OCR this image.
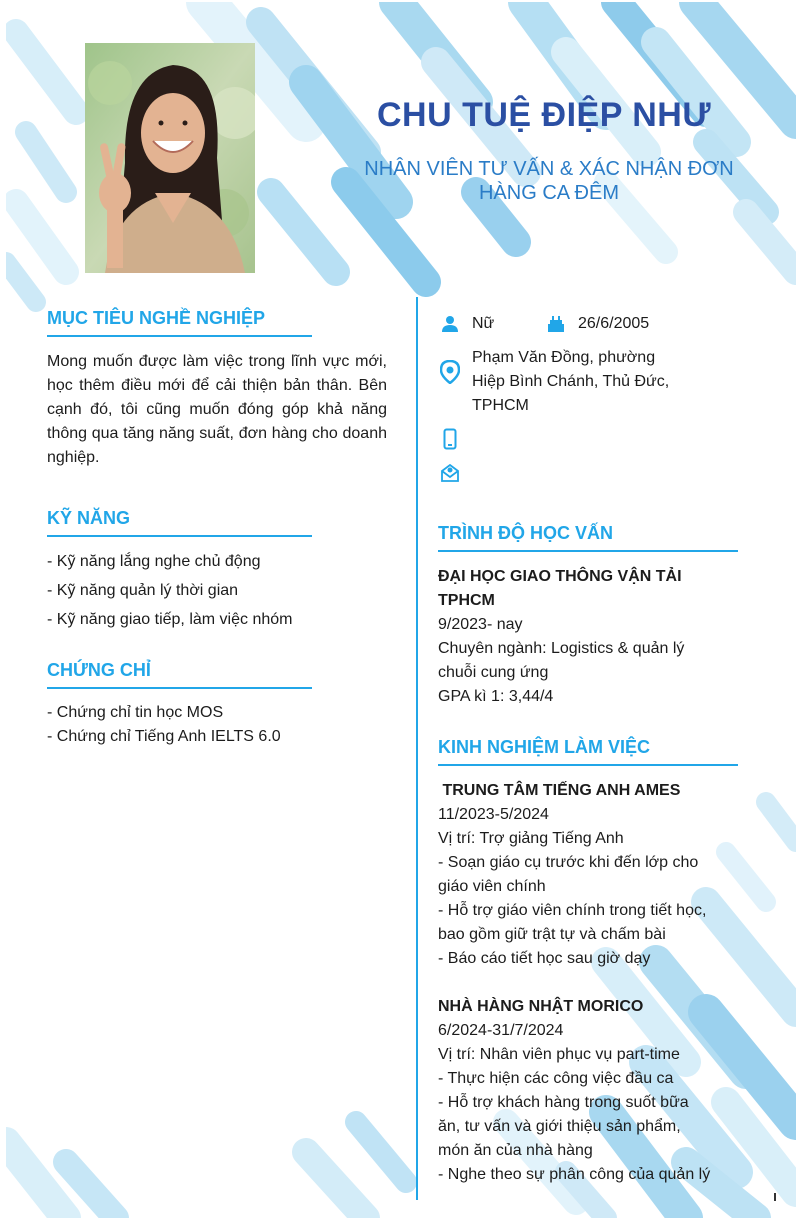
CHU TUỆ ĐIỆP NHƯ
NHÂN VIÊN TƯ VẤN & XÁC NHẬN ĐƠN HÀNG CA ĐÊM
MỤC TIÊU NGHỀ NGHIỆP
Mong muốn được làm việc trong lĩnh vực mới, học thêm điều mới để cải thiện bản thân. Bên cạnh đó, tôi cũng muốn đóng góp khả năng thông qua tăng năng suất, đơn hàng cho doanh nghiệp.
KỸ NĂNG
- Kỹ năng lắng nghe chủ động
- Kỹ năng quản lý thời gian
- Kỹ năng giao tiếp, làm việc nhóm
CHỨNG CHỈ
- Chứng chỉ tin học MOS
- Chứng chỉ Tiếng Anh IELTS 6.0
Nữ	26/6/2005
Phạm Văn Đồng, phường
Hiệp Bình Chánh, Thủ Đức,
TPHCM
TRÌNH ĐỘ HỌC VẤN
ĐẠI HỌC GIAO THÔNG VẬN TẢI
TPHCM
9/2023- nay
Chuyên ngành: Logistics & quản lý
chuỗi cung ứng
GPA kì 1: 3,44/4
KINH NGHIỆM LÀM VIỆC
TRUNG TÂM TIẾNG ANH AMES
11/2023-5/2024
Vị trí: Trợ giảng Tiếng Anh
- Soạn giáo cụ trước khi đến lớp cho
giáo viên chính
- Hỗ trợ giáo viên chính trong tiết học,
bao gồm giữ trật tự và chấm bài
- Báo cáo tiết học sau giờ dạy
NHÀ HÀNG NHẬT MORICO
6/2024-31/7/2024
Vị trí: Nhân viên phục vụ part-time
- Thực hiện các công việc đầu ca
- Hỗ trợ khách hàng trong suốt bữa
ăn, tư vấn và giới thiệu sản phẩm,
món ăn của nhà hàng
- Nghe theo sự phân công của quản lý
